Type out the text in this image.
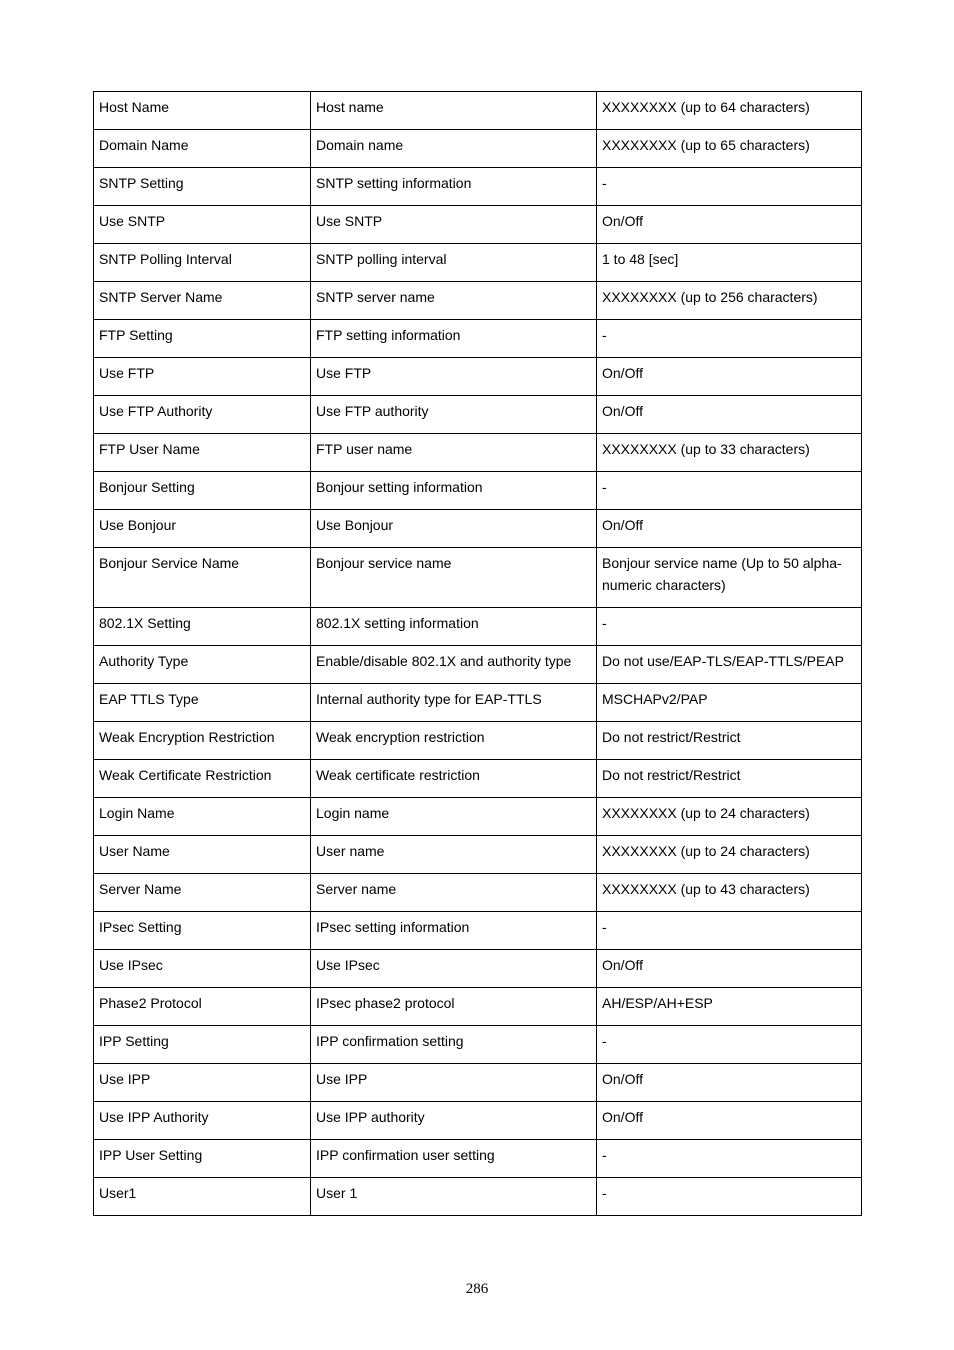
Host Name	Host name	XXXXXXXX (up to 64 characters)
Domain Name	Domain name	XXXXXXXX (up to 65 characters)
SNTP Setting	SNTP setting information	-
Use SNTP	Use SNTP	On/Off
SNTP Polling Interval	SNTP polling interval	1 to 48 [sec]
SNTP Server Name	SNTP server name	XXXXXXXX (up to 256 characters)
FTP Setting	FTP setting information	-
Use FTP	Use FTP	On/Off
Use FTP Authority	Use FTP authority	On/Off
FTP User Name	FTP user name	XXXXXXXX (up to 33 characters)
Bonjour Setting	Bonjour setting information	-
Use Bonjour	Use Bonjour	On/Off
Bonjour Service Name	Bonjour service name	Bonjour service name (Up to 50 alpha-numeric characters)
802.1X Setting	802.1X setting information	-
Authority Type	Enable/disable 802.1X and authority type	Do not use/EAP-TLS/EAP-TTLS/PEAP
EAP TTLS Type	Internal authority type for EAP-TTLS	MSCHAPv2/PAP
Weak Encryption Restriction	Weak encryption restriction	Do not restrict/Restrict
Weak Certificate Restriction	Weak certificate restriction	Do not restrict/Restrict
Login Name	Login name	XXXXXXXX (up to 24 characters)
User Name	User name	XXXXXXXX (up to 24 characters)
Server Name	Server name	XXXXXXXX (up to 43 characters)
IPsec Setting	IPsec setting information	-
Use IPsec	Use IPsec	On/Off
Phase2 Protocol	IPsec phase2 protocol	AH/ESP/AH+ESP
IPP Setting	IPP confirmation setting	-
Use IPP	Use IPP	On/Off
Use IPP Authority	Use IPP authority	On/Off
IPP User Setting	IPP confirmation user setting	-
User1	User 1	-
286
